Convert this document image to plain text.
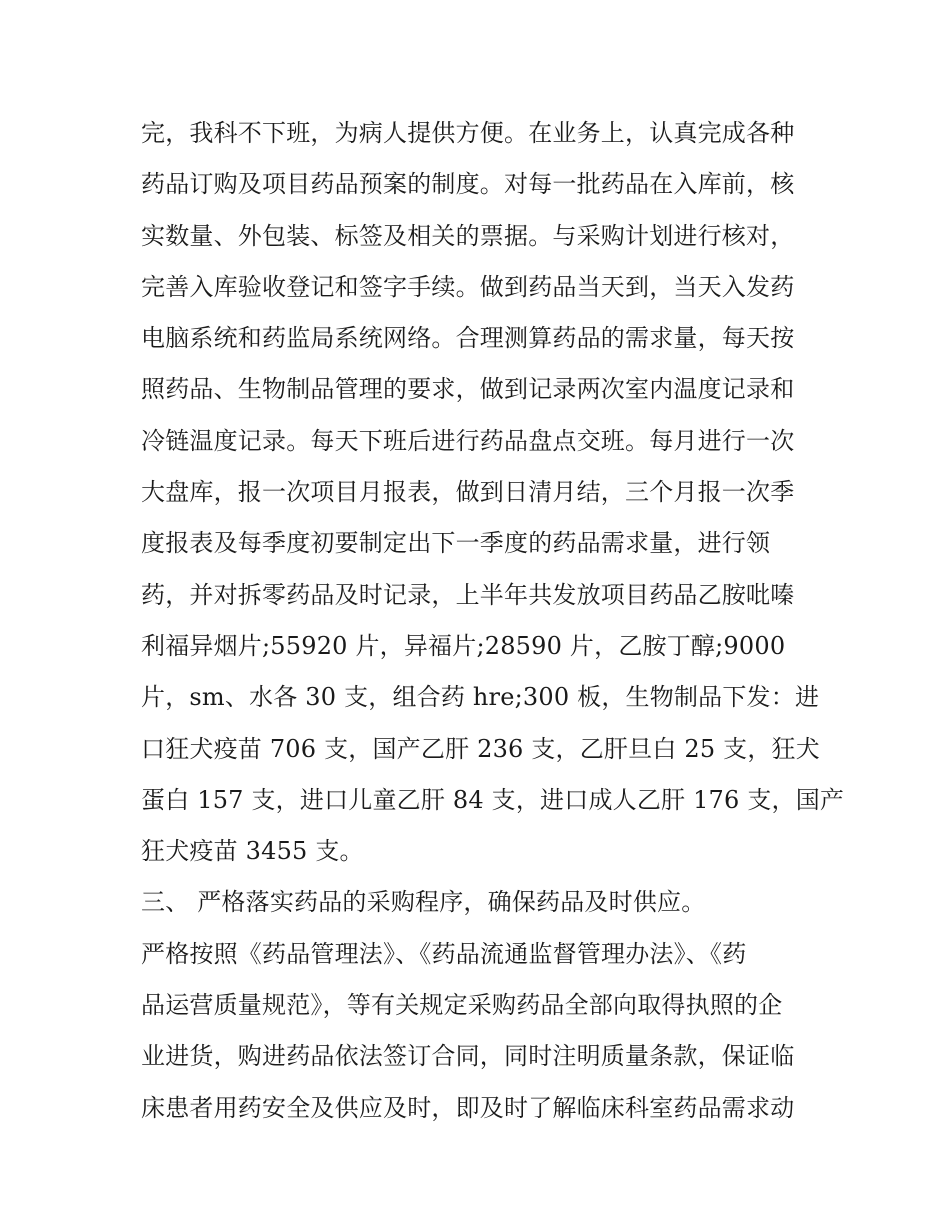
完，我科不下班，为病人提供方便。在业务上，认真完成各种
药品订购及项目药品预案的制度。对每一批药品在入库前，核
实数量、外包装、标签及相关的票据。与采购计划进行核对，
完善入库验收登记和签字手续。做到药品当天到，当天入发药
电脑系统和药监局系统网络。合理测算药品的需求量，每天按
照药品、生物制品管理的要求，做到记录两次室内温度记录和
冷链温度记录。每天下班后进行药品盘点交班。每月进行一次
大盘库，报一次项目月报表，做到日清月结，三个月报一次季
度报表及每季度初要制定出下一季度的药品需求量，进行领
药，并对拆零药品及时记录，上半年共发放项目药品乙胺吡嗪
利福异烟片;55920 片，异福片;28590 片，乙胺丁醇;9000
片，sm、水各 30 支，组合药 hre;300 板，生物制品下发：进
口狂犬疫苗 706 支，国产乙肝 236 支，乙肝旦白 25 支，狂犬
蛋白 157 支，进口儿童乙肝 84 支，进口成人乙肝 176 支，国产
狂犬疫苗 3455 支。
三、 严格落实药品的采购程序，确保药品及时供应。
严格按照《药品管理法》、《药品流通监督管理办法》、《药
品运营质量规范》，等有关规定采购药品全部向取得执照的企
业进货，购进药品依法签订合同，同时注明质量条款，保证临
床患者用药安全及供应及时，即及时了解临床科室药品需求动
